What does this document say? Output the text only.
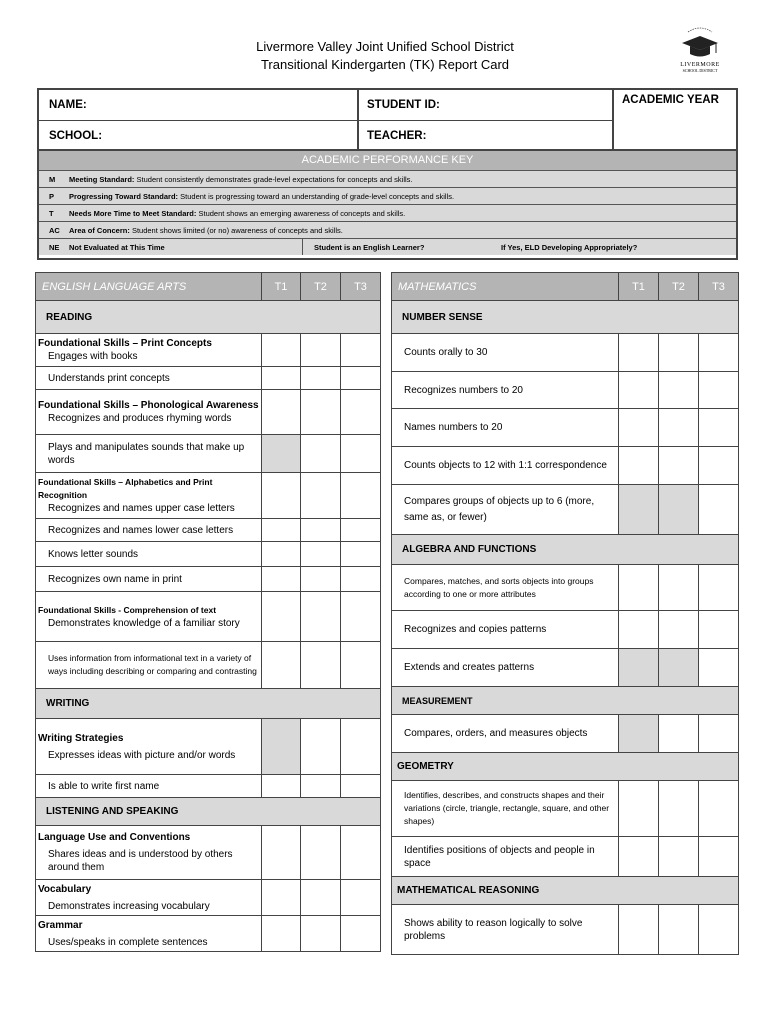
Livermore Valley Joint Unified School District
Transitional Kindergarten (TK) Report Card	LIVERMORE
SCHOOL DISTRICT
NAME:	STUDENT ID:	ACADEMIC YEAR
SCHOOL:	TEACHER:
ACADEMIC PERFORMANCE KEY
M	Meeting Standard:
Student consistently demonstrates grade-level expectations for concepts and skills.
P	Progressing Toward Standard:
Student is progressing toward an understanding of grade-level concepts and skills.
T	Needs More Time to Meet Standard:
Student shows an emerging awareness of concepts and skills.
AC	Area of Concern:
Student shows limited (or no) awareness of concepts and skills.
NE	Not Evaluated at This Time	Student is an English Learner?	If Yes, ELD Developing Appropriately?
ENGLISH LANGUAGE ARTS	T1	T2	T3
READING			

Foundational Skills – Print Concepts
Engages with books			

Understands print concepts			

Foundational Skills – Phonological Awareness
Recognizes and produces rhyming words			

Plays and manipulates sounds that make up words			

Foundational Skills – Alphabetics and Print Recognition
Recognizes and names upper case letters			

Recognizes and names lower case letters			
Knows letter sounds			
Recognizes own name in print			

Foundational Skills - Comprehension of text
Demonstrates knowledge of a familiar story			

Uses information from informational text in a variety of ways including describing or comparing and contrasting			
WRITING			

Writing Strategies
Expresses ideas with picture and/or words			

Is able to write first name			
LISTENING AND SPEAKING			

Language Use and Conventions
Shares ideas and is understood by others around them			

Vocabulary
Demonstrates increasing vocabulary			

Grammar
Uses/speaks in complete sentences			

MATHEMATICS	T1	T2	T3
NUMBER SENSE			
Counts orally to 30			
Recognizes numbers to 20			
Names numbers to 20			
Counts objects to 12 with 1:1 correspondence			
Compares groups of objects up to 6 (more, same as, or fewer)			
ALGEBRA AND FUNCTIONS			
Compares, matches, and sorts objects into groups according to one or more attributes			
Recognizes and copies patterns			
Extends and creates patterns			
MEASUREMENT			
Compares, orders, and measures objects			
GEOMETRY			
Identifies, describes, and constructs shapes and their variations (circle, triangle, rectangle, square, and other shapes)			
Identifies positions of objects and people in space			
MATHEMATICAL REASONING			
Shows ability to reason logically to solve problems			
